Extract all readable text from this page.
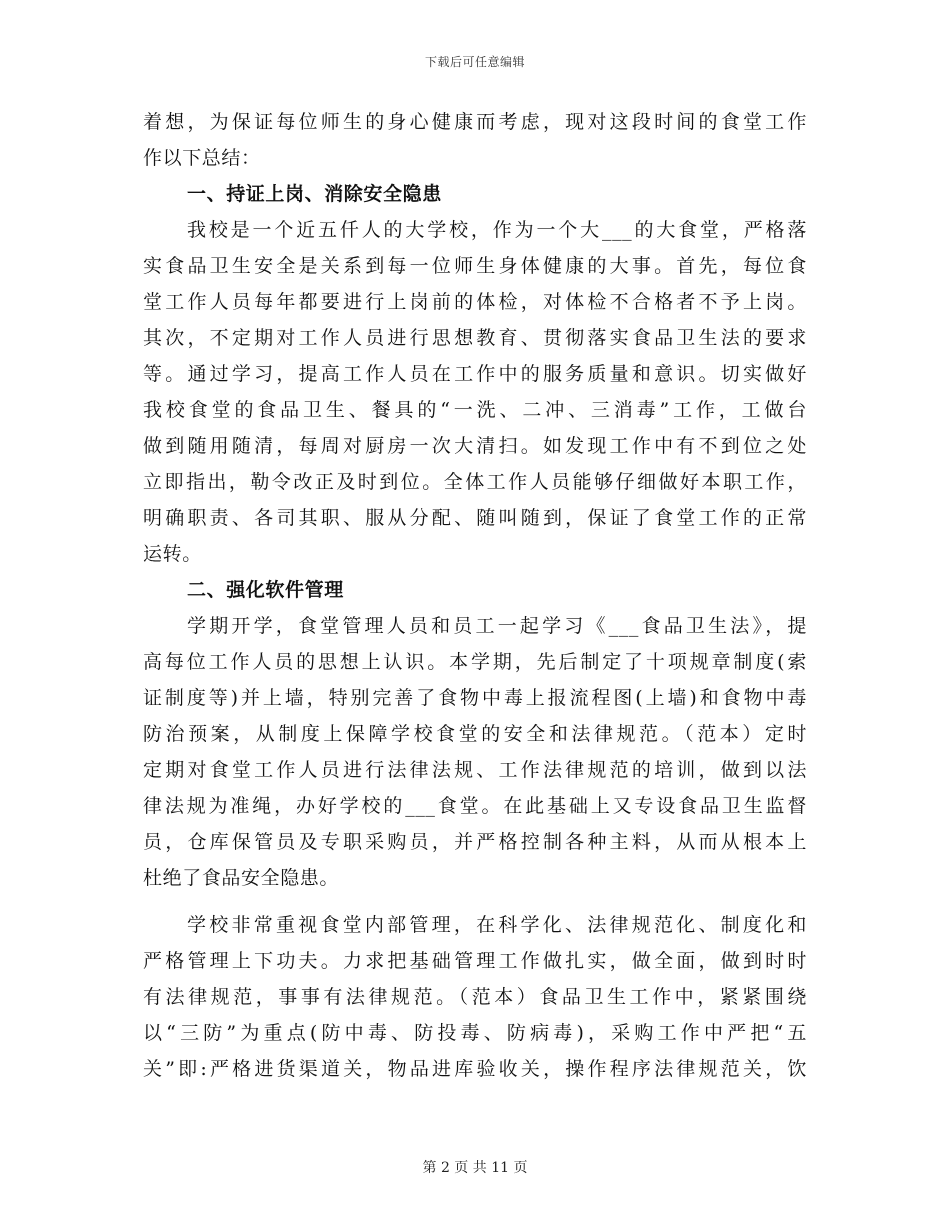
下载后可任意编辑
着想，为保证每位师生的身心健康而考虑，现对这段时间的食堂工作
作以下总结：
一、持证上岗、消除安全隐患
我校是一个近五仟人的大学校，作为一个大___的大食堂，严格落
实食品卫生安全是关系到每一位师生身体健康的大事。首先，每位食
堂工作人员每年都要进行上岗前的体检，对体检不合格者不予上岗。
其次，不定期对工作人员进行思想教育、贯彻落实食品卫生法的要求
等。通过学习，提高工作人员在工作中的服务质量和意识。切实做好
我校食堂的食品卫生、餐具的“一洗、二冲、三消毒”工作，工做台
做到随用随清，每周对厨房一次大清扫。如发现工作中有不到位之处
立即指出，勒令改正及时到位。全体工作人员能够仔细做好本职工作，
明确职责、各司其职、服从分配、随叫随到，保证了食堂工作的正常
运转。
二、强化软件管理
学期开学，食堂管理人员和员工一起学习《___食品卫生法》，提
高每位工作人员的思想上认识。本学期，先后制定了十项规章制度(索
证制度等)并上墙，特别完善了食物中毒上报流程图(上墙)和食物中毒
防治预案，从制度上保障学校食堂的安全和法律规范。（范本）定时
定期对食堂工作人员进行法律法规、工作法律规范的培训，做到以法
律法规为准绳，办好学校的___食堂。在此基础上又专设食品卫生监督
员，仓库保管员及专职采购员，并严格控制各种主料，从而从根本上
杜绝了食品安全隐患。
学校非常重视食堂内部管理，在科学化、法律规范化、制度化和
严格管理上下功夫。力求把基础管理工作做扎实，做全面，做到时时
有法律规范，事事有法律规范。（范本）食品卫生工作中，紧紧围绕
以“三防”为重点(防中毒、防投毒、防病毒)，采购工作中严把“五
关”即:严格进货渠道关，物品进库验收关，操作程序法律规范关，饮
第 2 页 共 11 页
